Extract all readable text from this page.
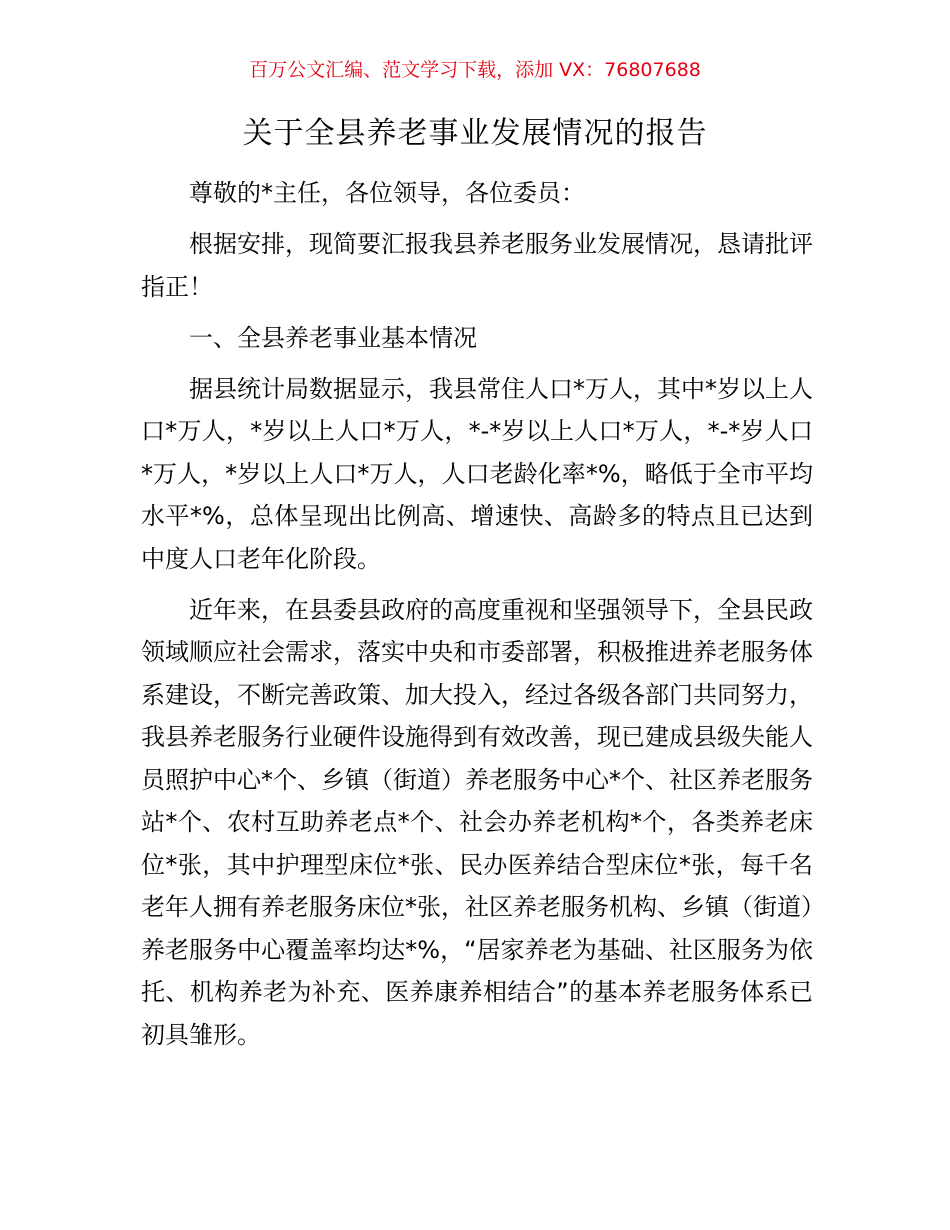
百万公文汇编、范文学习下载，添加 VX：76807688
关于全县养老事业发展情况的报告

尊敬的*主任，各位领导，各位委员：

根据安排，现简要汇报我县养老服务业发展情况，恳请批评指正！

一、全县养老事业基本情况

据县统计局数据显示，我县常住人口*万人，其中*岁以上人口*万人，*岁以上人口*万人，*-*岁以上人口*万人，*-*岁人口*万人，*岁以上人口*万人，人口老龄化率*%，略低于全市平均水平*%，总体呈现出比例高、增速快、高龄多的特点且已达到中度人口老年化阶段。

近年来，在县委县政府的高度重视和坚强领导下，全县民政领域顺应社会需求，落实中央和市委部署，积极推进养老服务体系建设，不断完善政策、加大投入，经过各级各部门共同努力，我县养老服务行业硬件设施得到有效改善，现已建成县级失能人员照护中心*个、乡镇（街道）养老服务中心*个、社区养老服务站*个、农村互助养老点*个、社会办养老机构*个，各类养老床位*张，其中护理型床位*张、民办医养结合型床位*张，每千名老年人拥有养老服务床位*张，社区养老服务机构、乡镇（街道）养老服务中心覆盖率均达*%，“居家养老为基础、社区服务为依托、机构养老为补充、医养康养相结合”的基本养老服务体系已初具雏形。
